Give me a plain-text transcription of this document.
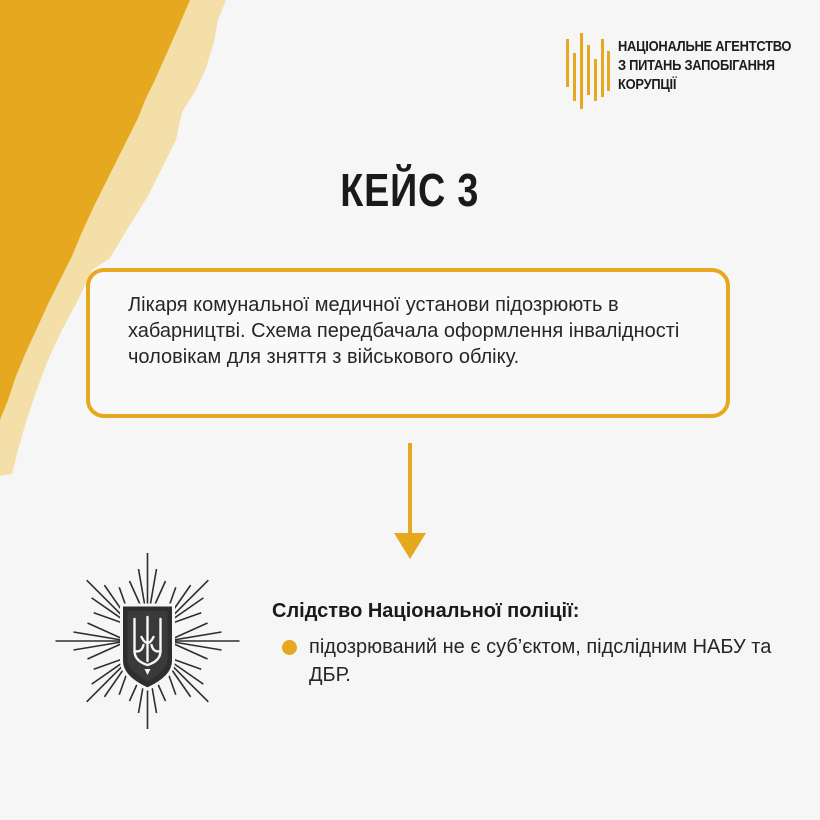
НАЦІОНАЛЬНЕ АГЕНТСТВО
З ПИТАНЬ ЗАПОБІГАННЯ
КОРУПЦІЇ
КЕЙС 3

Лікаря комунальної медичної установи підозрюють в хабарництві. Схема передбачала оформлення інвалідності чоловікам для зняття з військового обліку.

Слідство Національної поліції:

підозрюваний не є суб’єктом, підслідним НАБУ та ДБР.
